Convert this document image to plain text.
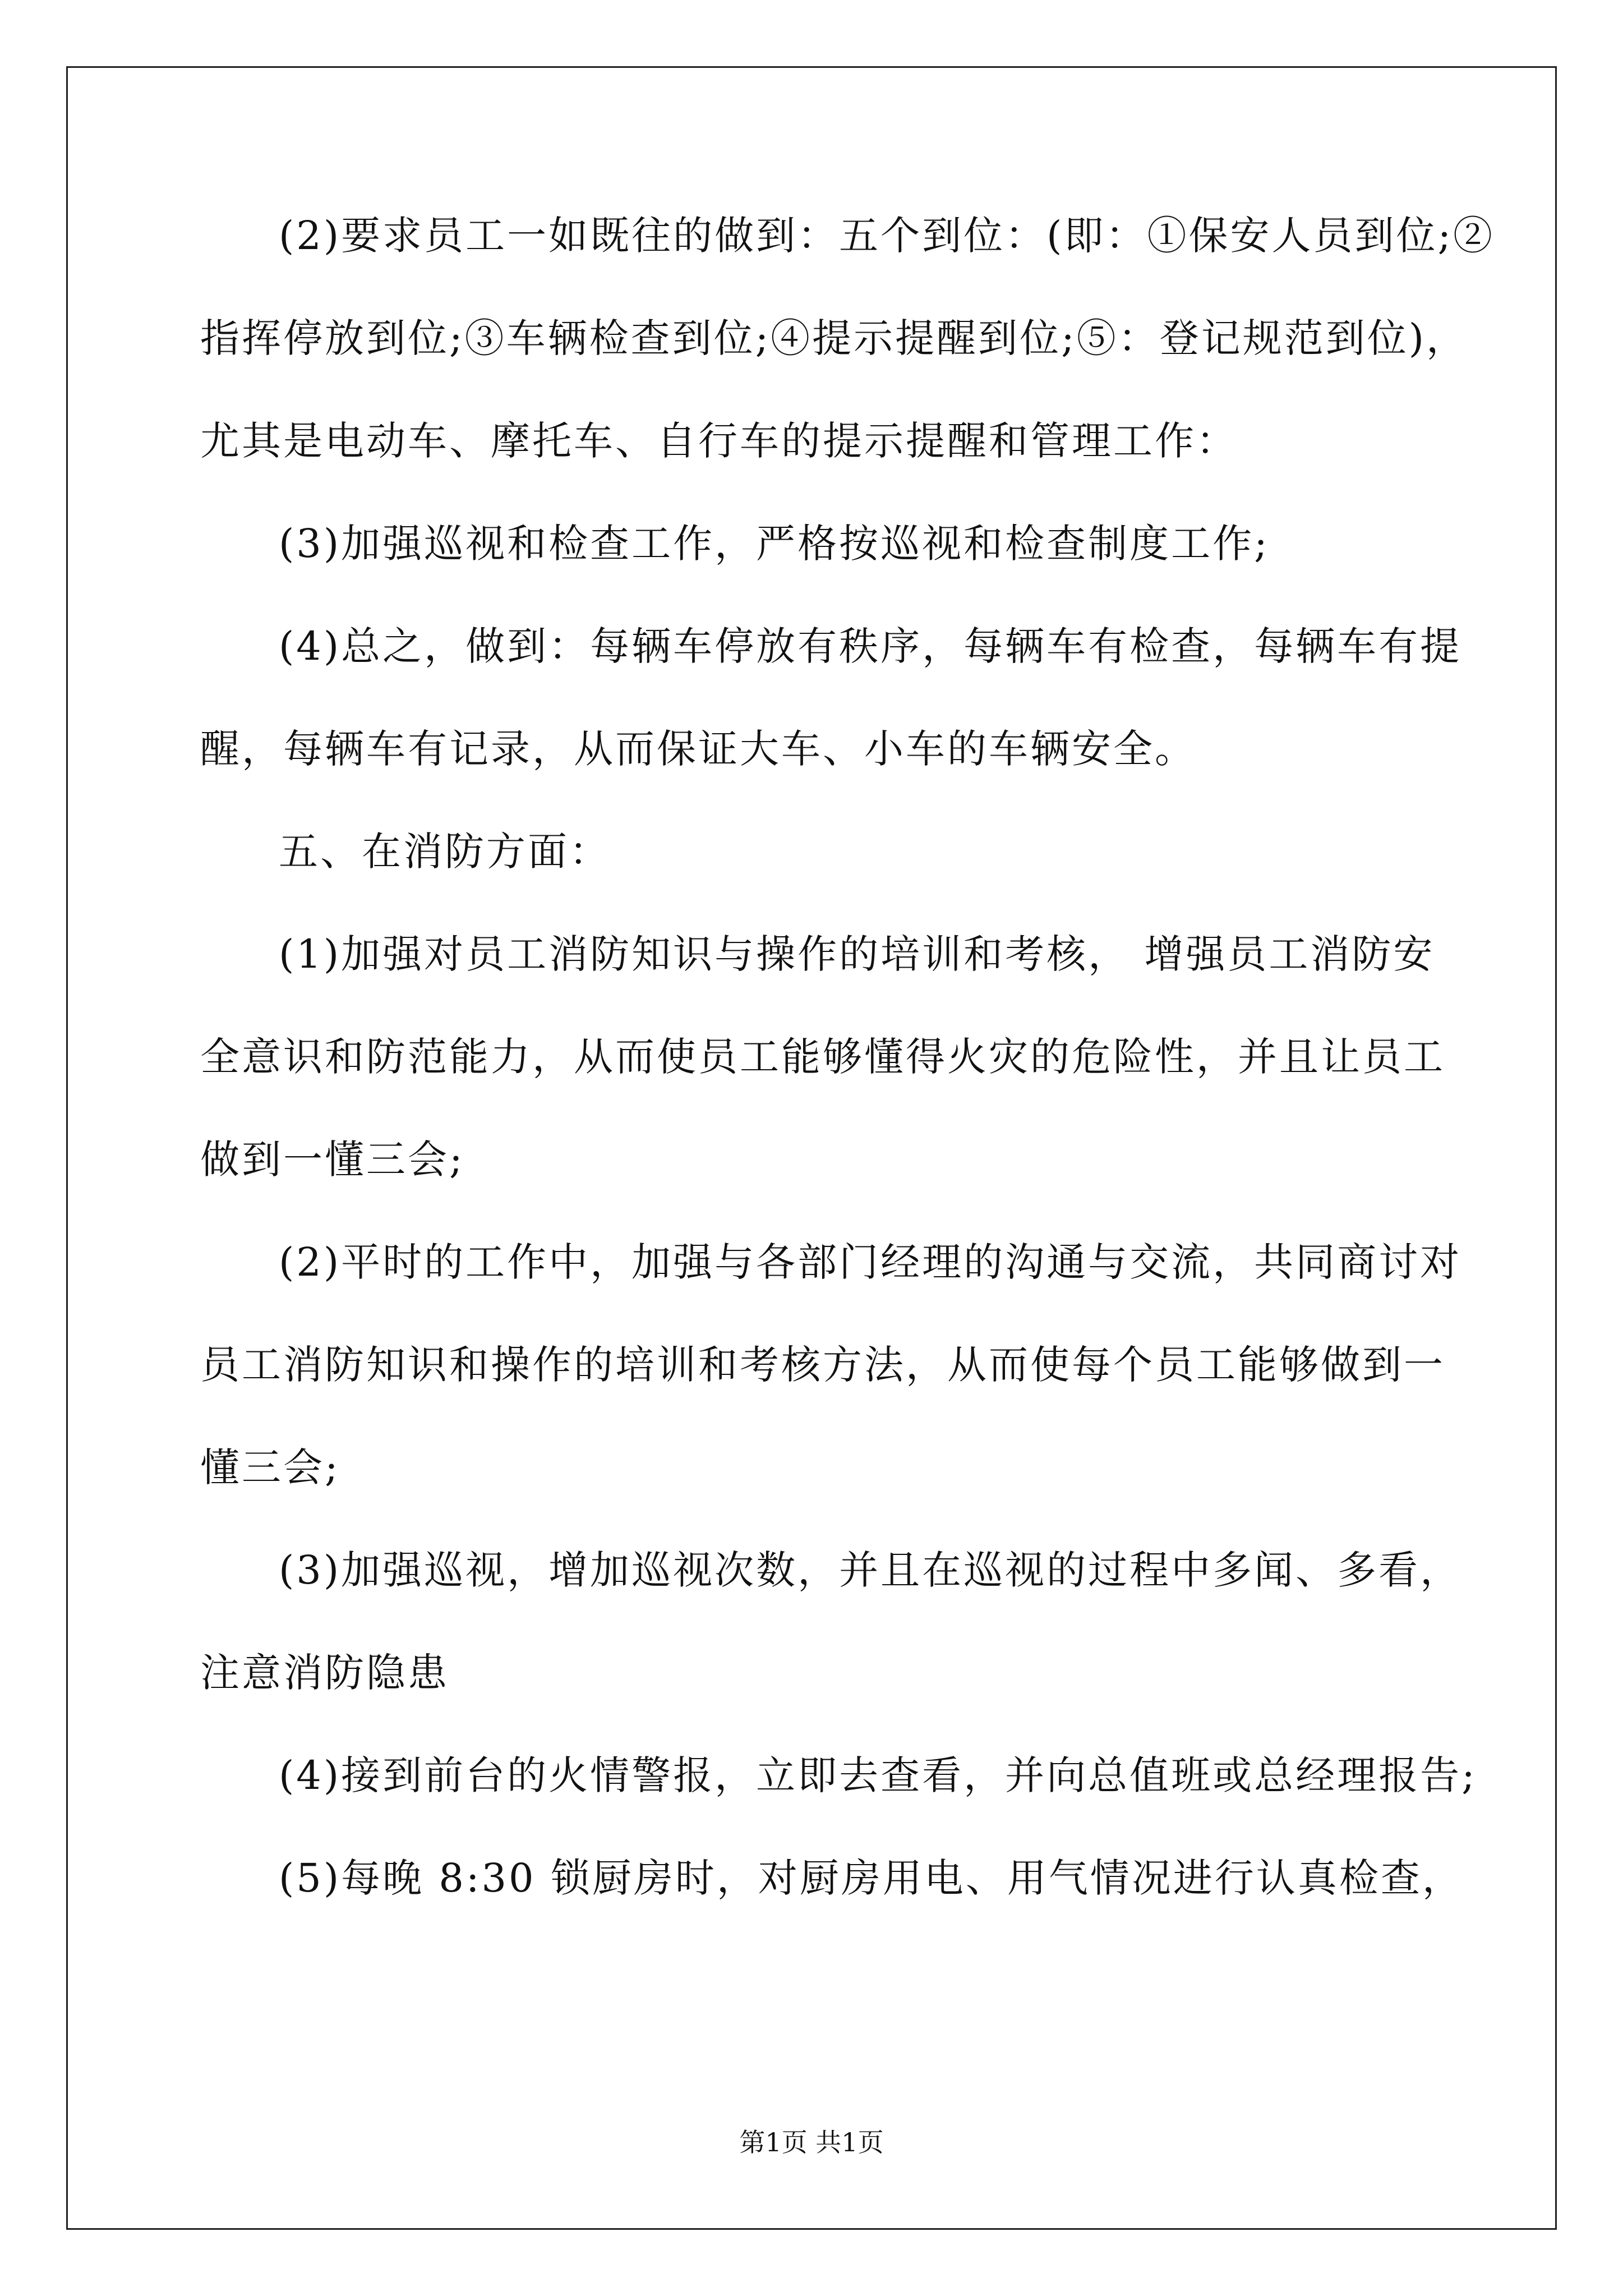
(2)要求员工一如既往的做到：五个到位：(即：①保安人员到位;②
指挥停放到位;③车辆检查到位;④提示提醒到位;⑤：登记规范到位)，
尤其是电动车、摩托车、自行车的提示提醒和管理工作：
(3)加强巡视和检查工作，严格按巡视和检查制度工作;
(4)总之，做到：每辆车停放有秩序，每辆车有检查，每辆车有提
醒，每辆车有记录，从而保证大车、小车的车辆安全。
五、在消防方面：
(1)加强对员工消防知识与操作的培训和考核， 增强员工消防安
全意识和防范能力，从而使员工能够懂得火灾的危险性，并且让员工
做到一懂三会;
(2)平时的工作中，加强与各部门经理的沟通与交流，共同商讨对
员工消防知识和操作的培训和考核方法，从而使每个员工能够做到一
懂三会;
(3)加强巡视，增加巡视次数，并且在巡视的过程中多闻、多看，
注意消防隐患
(4)接到前台的火情警报，立即去查看，并向总值班或总经理报告;
(5)每晚 8:30 锁厨房时，对厨房用电、用气情况进行认真检查，
第1页 共1页
